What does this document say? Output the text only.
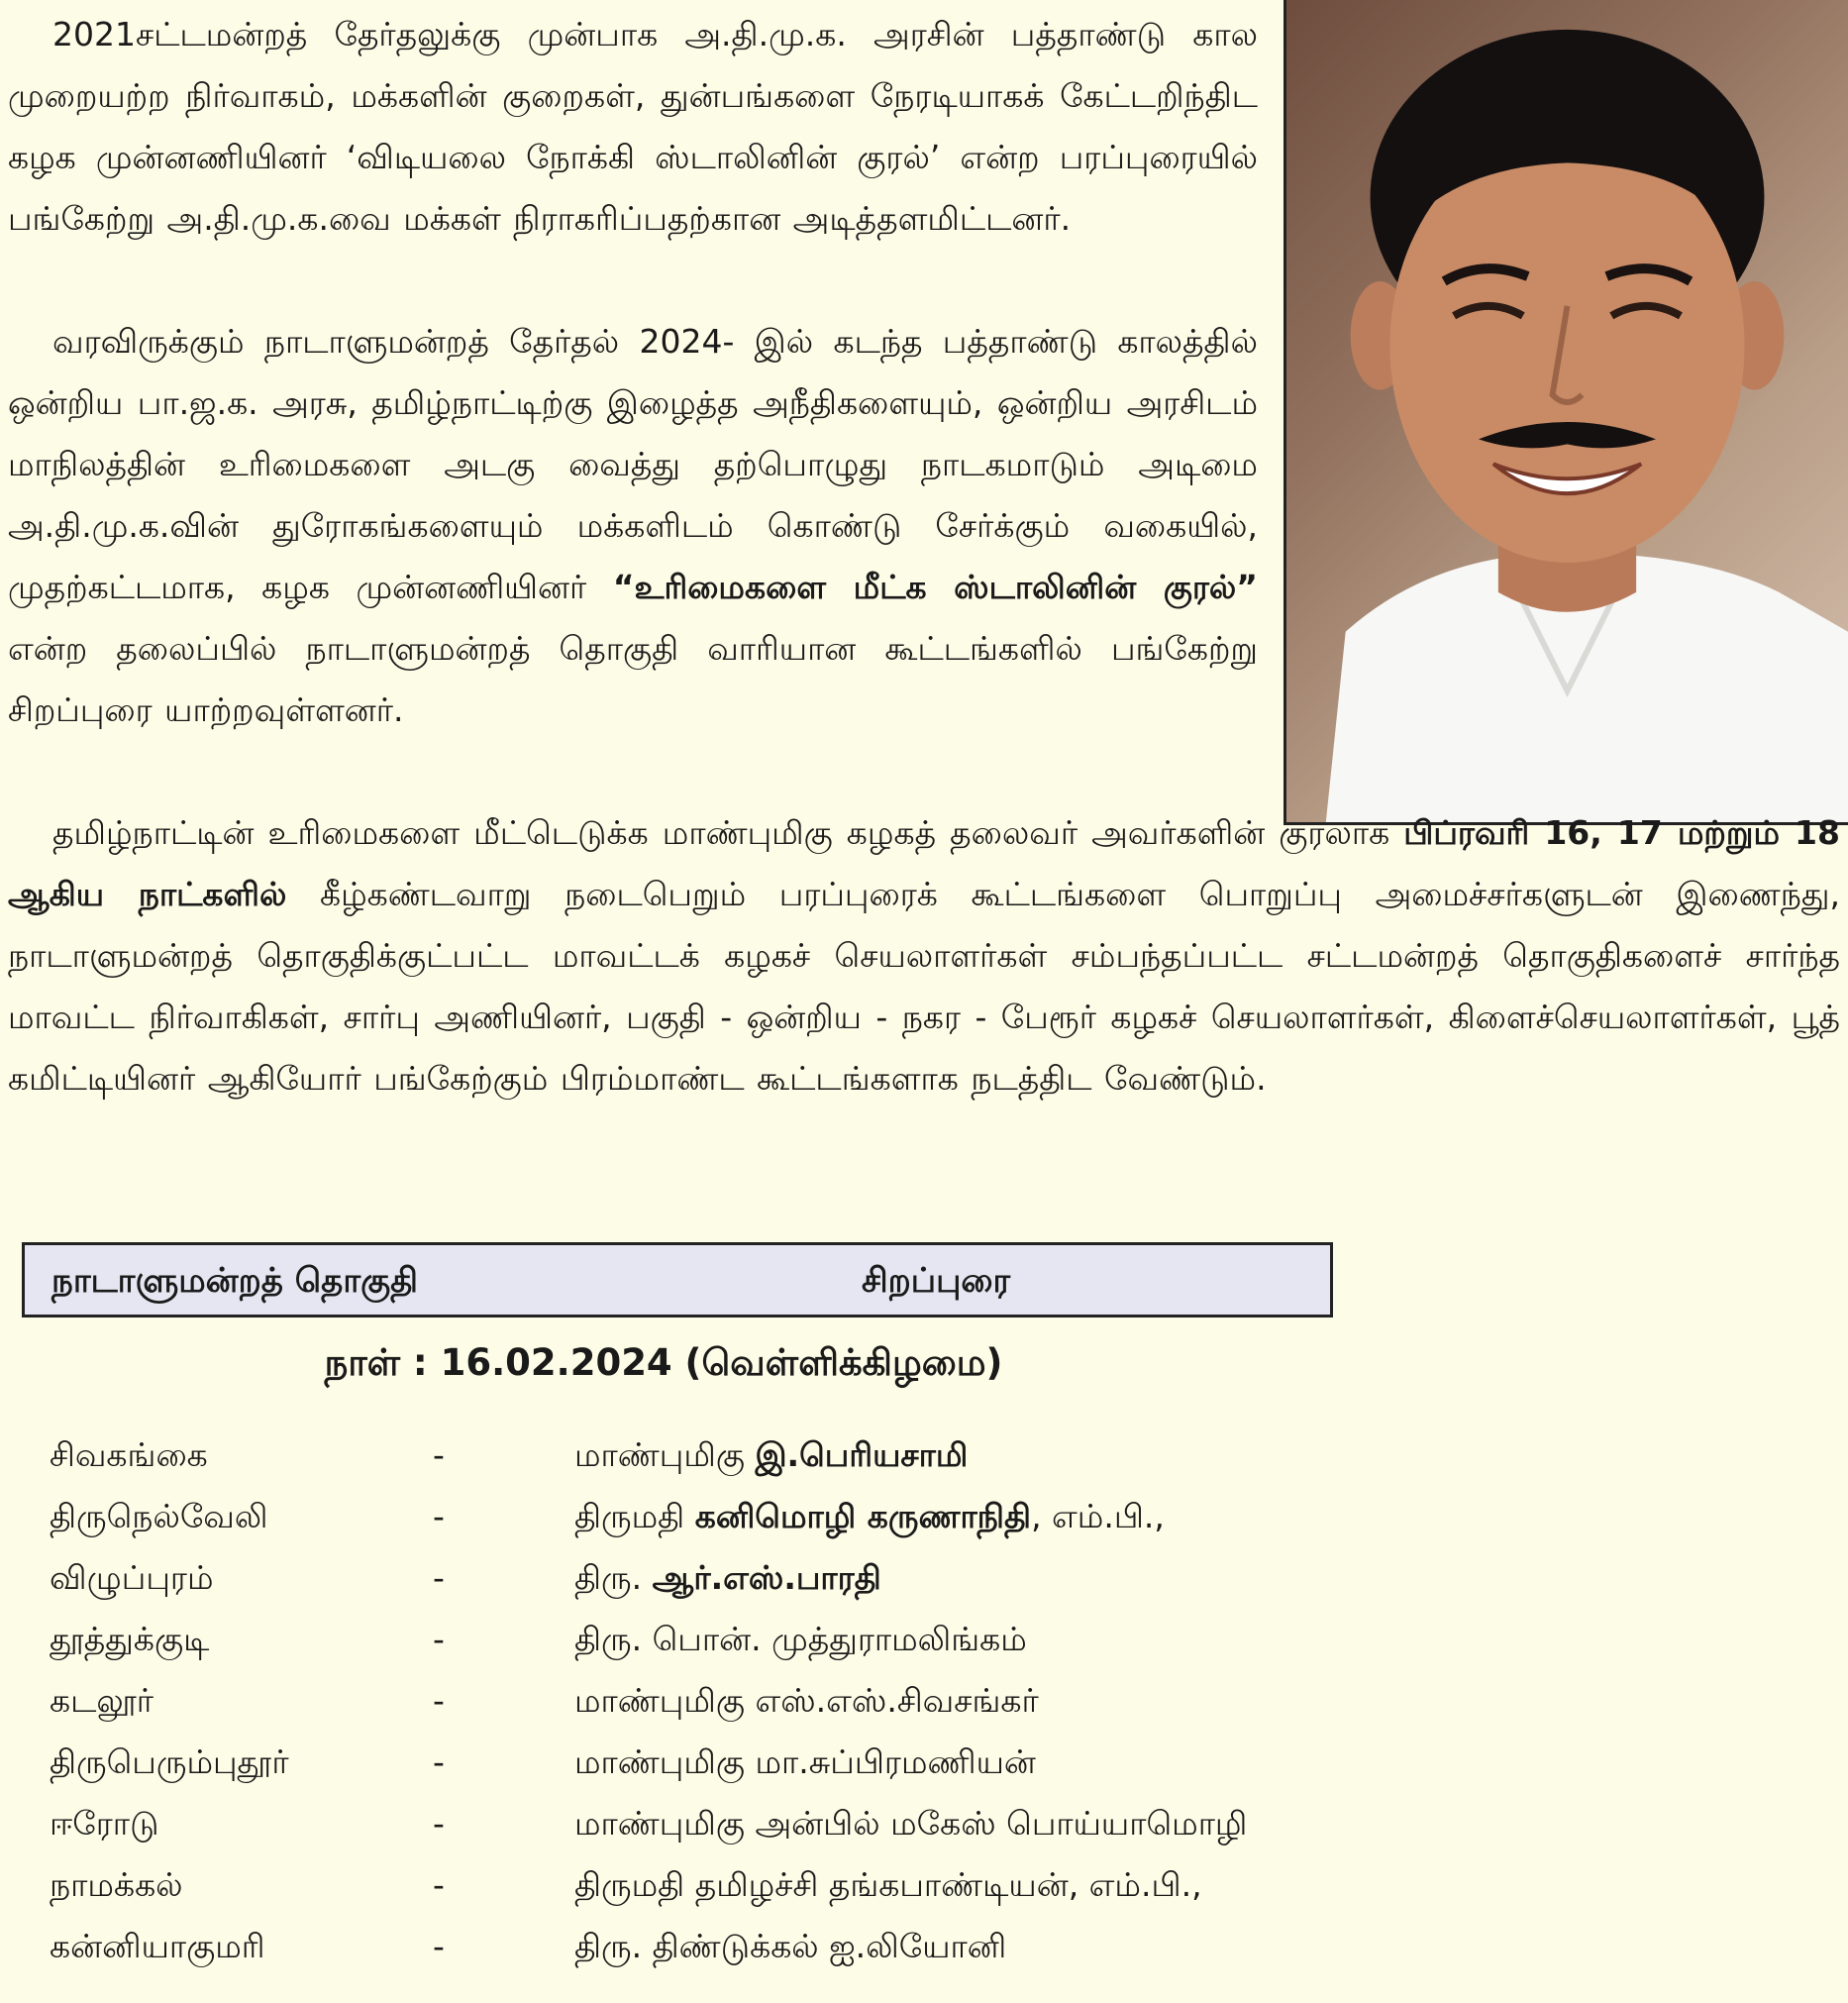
2021சட்டமன்றத் தேர்தலுக்கு முன்பாக அ.தி.மு.க. அரசின் பத்தாண்டு கால முறையற்ற நிர்வாகம், மக்களின் குறைகள், துன்பங்களை நேரடியாகக் கேட்டறிந்திட கழக முன்னணியினர் ‘விடியலை நோக்கி ஸ்டாலினின் குரல்’ என்ற பரப்புரையில் பங்கேற்று அ.தி.மு.க.வை மக்கள் நிராகரிப்பதற்கான அடித்தளமிட்டனர்.

வரவிருக்கும் நாடாளுமன்றத் தேர்தல் 2024- இல் கடந்த பத்தாண்டு காலத்தில் ஒன்றிய பா.ஜ.க. அரசு, தமிழ்நாட்டிற்கு இழைத்த அநீதிகளையும், ஒன்றிய அரசிடம் மாநிலத்தின் உரிமைகளை அடகு வைத்து தற்பொழுது நாடகமாடும் அடிமை அ.தி.மு.க.வின் துரோகங்களையும் மக்களிடம் கொண்டு சேர்க்கும் வகையில், முதற்கட்டமாக, கழக முன்னணியினர் “உரிமைகளை மீட்க ஸ்டாலினின் குரல்” என்ற தலைப்பில் நாடாளுமன்றத் தொகுதி வாரியான கூட்டங்களில் பங்கேற்று சிறப்புரை யாற்றவுள்ளனர்.

தமிழ்நாட்டின் உரிமைகளை மீட்டெடுக்க மாண்புமிகு கழகத் தலைவர் அவர்களின் குரலாக பிப்ரவரி 16, 17 மற்றும் 18 ஆகிய நாட்களில் கீழ்கண்டவாறு நடைபெறும் பரப்புரைக் கூட்டங்களை பொறுப்பு அமைச்சர்களுடன் இணைந்து, நாடாளுமன்றத் தொகுதிக்குட்பட்ட மாவட்டக் கழகச் செயலாளர்கள் சம்பந்தப்பட்ட சட்டமன்றத் தொகுதிகளைச் சார்ந்த மாவட்ட நிர்வாகிகள், சார்பு அணியினர், பகுதி - ஒன்றிய - நகர - பேரூர் கழகச் செயலாளர்கள், கிளைச்செயலாளர்கள், பூத் கமிட்டியினர் ஆகியோர் பங்கேற்கும் பிரம்மாண்ட கூட்டங்களாக நடத்திட வேண்டும்.

நாடாளுமன்றத் தொகுதி	சிறப்புரை
நாள் : 16.02.2024 (வெள்ளிக்கிழமை)
சிவகங்கை	-	மாண்புமிகு இ.பெரியசாமி
திருநெல்வேலி	-	திருமதி கனிமொழி கருணாநிதி, எம்.பி.,
விழுப்புரம்	-	திரு. ஆர்.எஸ்.பாரதி
தூத்துக்குடி	-	திரு. பொன். முத்துராமலிங்கம்
கடலூர்	-	மாண்புமிகு எஸ்.எஸ்.சிவசங்கர்
திருபெரும்புதூர்	-	மாண்புமிகு மா.சுப்பிரமணியன்
ஈரோடு	-	மாண்புமிகு அன்பில் மகேஸ் பொய்யாமொழி
நாமக்கல்	-	திருமதி தமிழச்சி தங்கபாண்டியன், எம்.பி.,
கன்னியாகுமரி	-	திரு. திண்டுக்கல் ஐ.லியோனி
